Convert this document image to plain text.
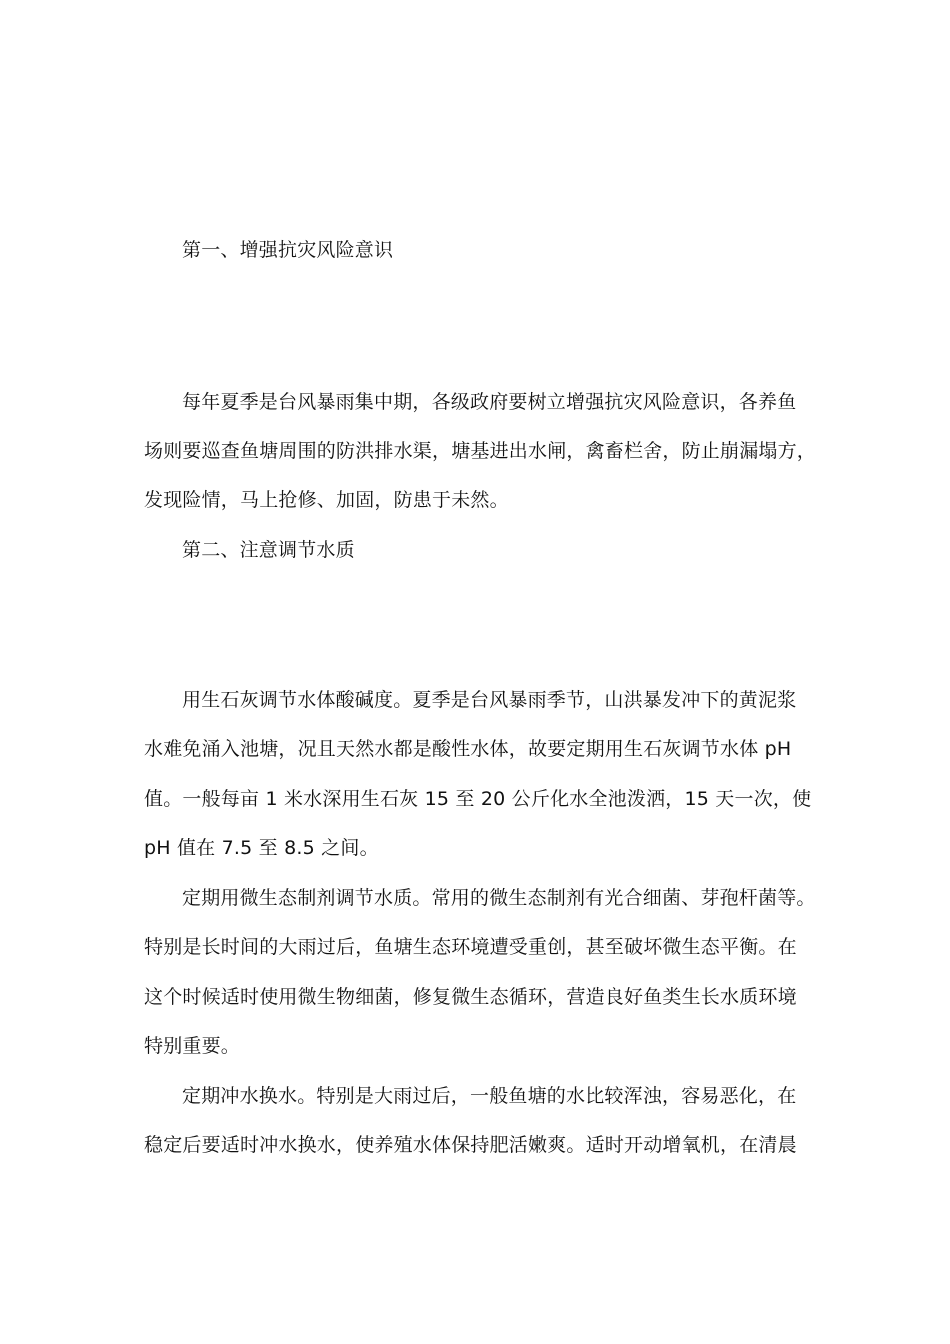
第一、增强抗灾风险意识
每年夏季是台风暴雨集中期，各级政府要树立增强抗灾风险意识，各养鱼
场则要巡查鱼塘周围的防洪排水渠，塘基进出水闸，禽畜栏舍，防止崩漏塌方，
发现险情，马上抢修、加固，防患于未然。
第二、注意调节水质
用生石灰调节水体酸碱度。夏季是台风暴雨季节，山洪暴发冲下的黄泥浆
水难免涌入池塘，况且天然水都是酸性水体，故要定期用生石灰调节水体 pH
值。一般每亩 1 米水深用生石灰 15 至 20 公斤化水全池泼洒，15 天一次，使
pH 值在 7.5 至 8.5 之间。
定期用微生态制剂调节水质。常用的微生态制剂有光合细菌、芽孢杆菌等。
特别是长时间的大雨过后，鱼塘生态环境遭受重创，甚至破坏微生态平衡。在
这个时候适时使用微生物细菌，修复微生态循环，营造良好鱼类生长水质环境
特别重要。
定期冲水换水。特别是大雨过后，一般鱼塘的水比较浑浊，容易恶化，在
稳定后要适时冲水换水，使养殖水体保持肥活嫩爽。适时开动增氧机，在清晨
